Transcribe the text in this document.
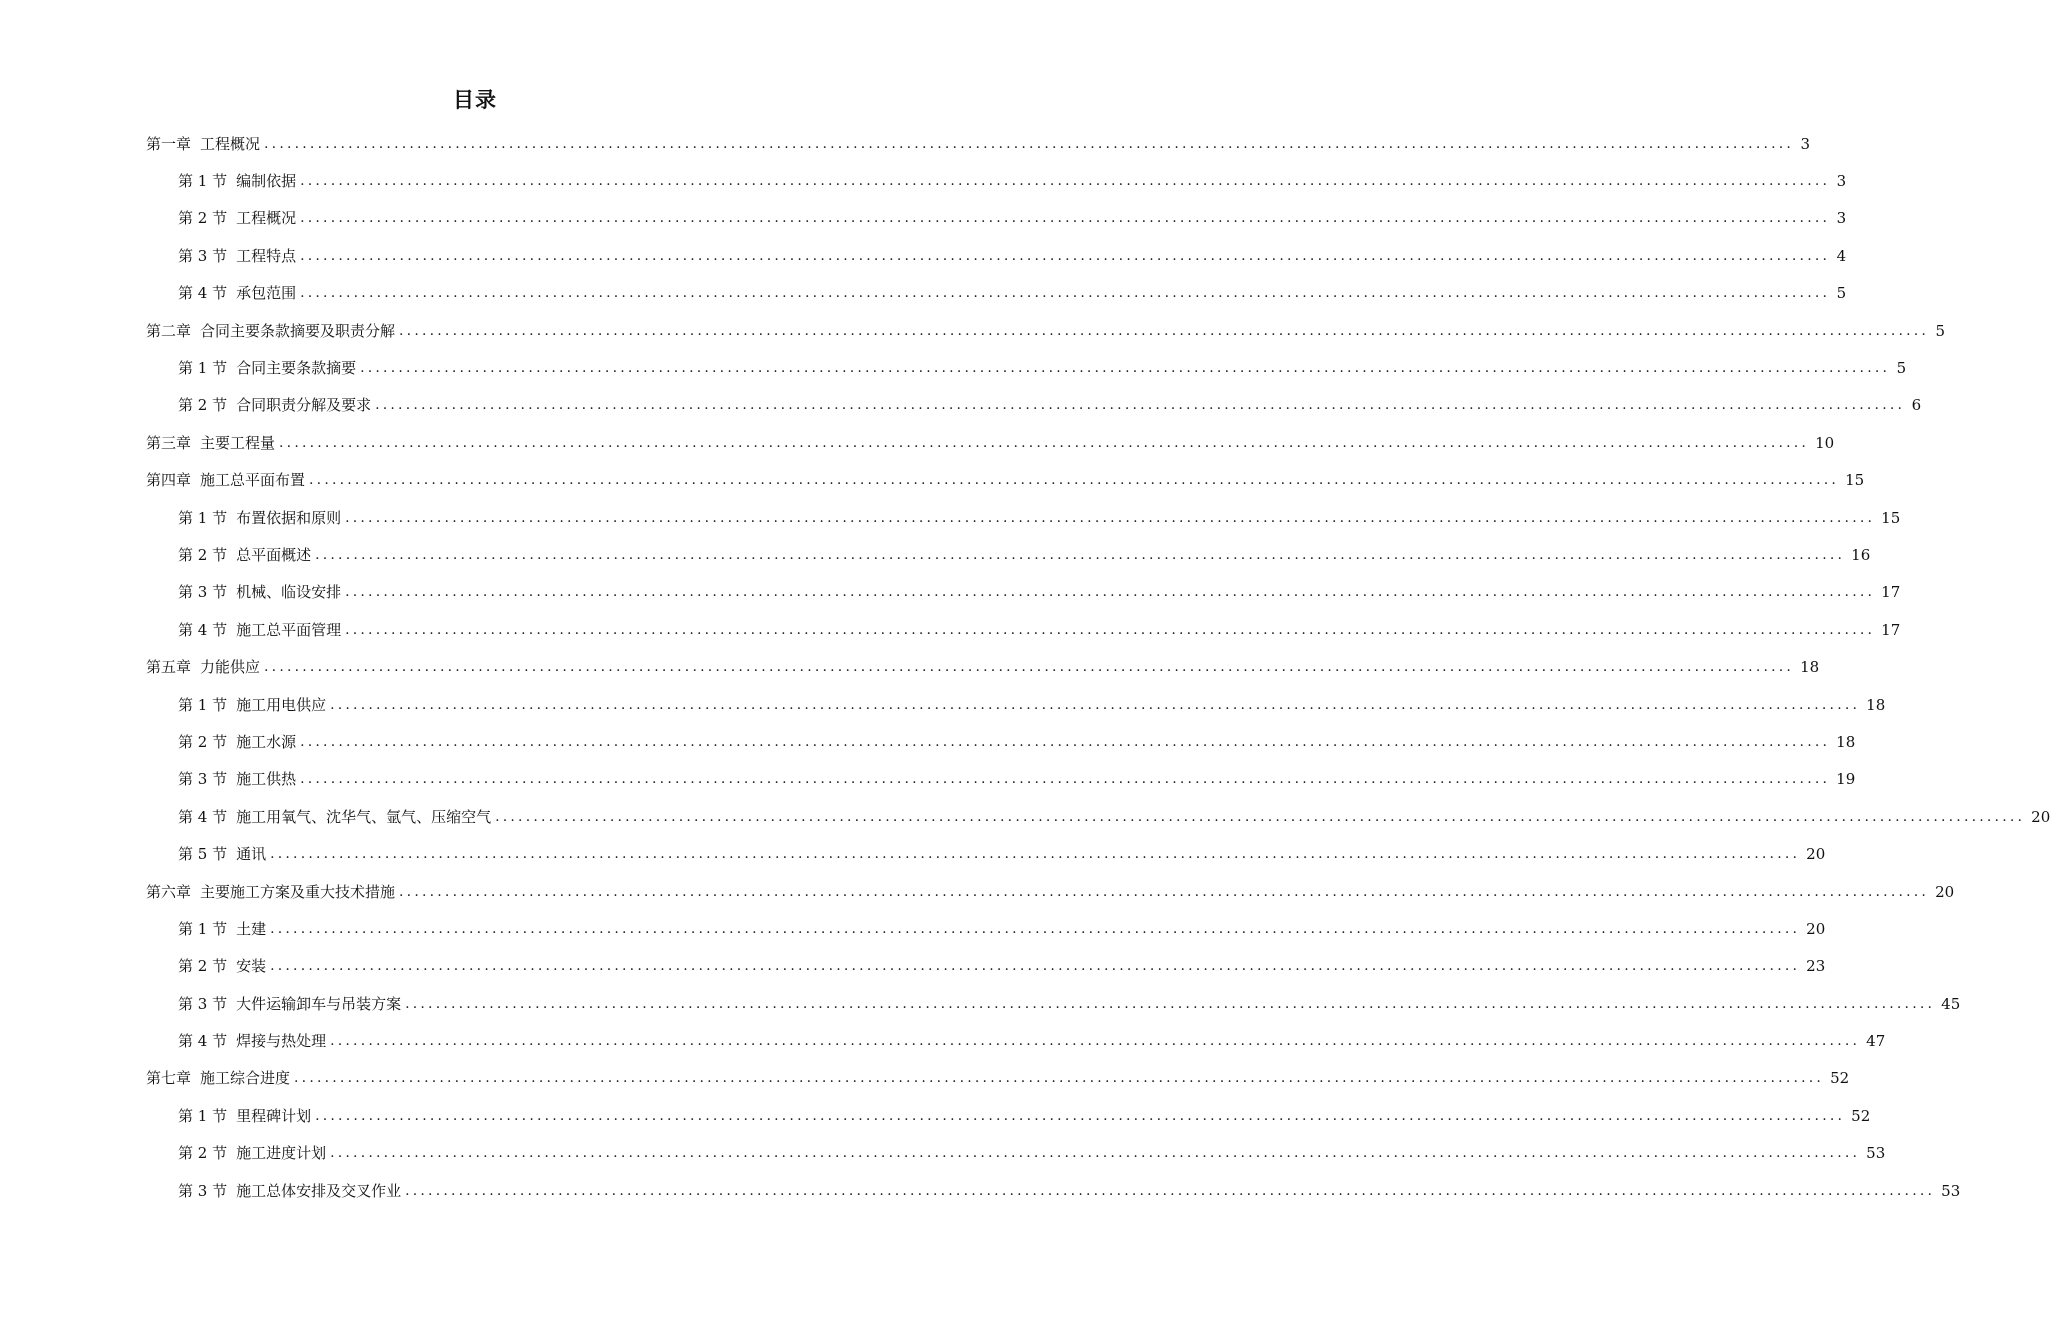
目录
第一章 工程概况 ........................................................................................................................................................................................................ 3
第 1 节 编制依据 ........................................................................................................................................................................................................ 3
第 2 节 工程概况 ........................................................................................................................................................................................................ 3
第 3 节 工程特点 ........................................................................................................................................................................................................ 4
第 4 节 承包范围 ........................................................................................................................................................................................................ 5
第二章 合同主要条款摘要及职责分解 ........................................................................................................................................................................................................ 5
第 1 节 合同主要条款摘要 ........................................................................................................................................................................................................ 5
第 2 节 合同职责分解及要求 ........................................................................................................................................................................................................ 6
第三章 主要工程量 ........................................................................................................................................................................................................ 10
第四章 施工总平面布置 ........................................................................................................................................................................................................ 15
第 1 节 布置依据和原则 ........................................................................................................................................................................................................ 15
第 2 节 总平面概述 ........................................................................................................................................................................................................ 16
第 3 节 机械、临设安排 ........................................................................................................................................................................................................ 17
第 4 节 施工总平面管理 ........................................................................................................................................................................................................ 17
第五章 力能供应 ........................................................................................................................................................................................................ 18
第 1 节 施工用电供应 ........................................................................................................................................................................................................ 18
第 2 节 施工水源 ........................................................................................................................................................................................................ 18
第 3 节 施工供热 ........................................................................................................................................................................................................ 19
第 4 节 施工用氧气、沈华气、氩气、压缩空气 ........................................................................................................................................................................................................ 20
第 5 节 通讯 ........................................................................................................................................................................................................ 20
第六章 主要施工方案及重大技术措施 ........................................................................................................................................................................................................ 20
第 1 节 土建 ........................................................................................................................................................................................................ 20
第 2 节 安装 ........................................................................................................................................................................................................ 23
第 3 节 大件运输卸车与吊装方案 ........................................................................................................................................................................................................ 45
第 4 节 焊接与热处理 ........................................................................................................................................................................................................ 47
第七章 施工综合进度 ........................................................................................................................................................................................................ 52
第 1 节 里程碑计划 ........................................................................................................................................................................................................ 52
第 2 节 施工进度计划 ........................................................................................................................................................................................................ 53
第 3 节 施工总体安排及交叉作业 ........................................................................................................................................................................................................ 53
